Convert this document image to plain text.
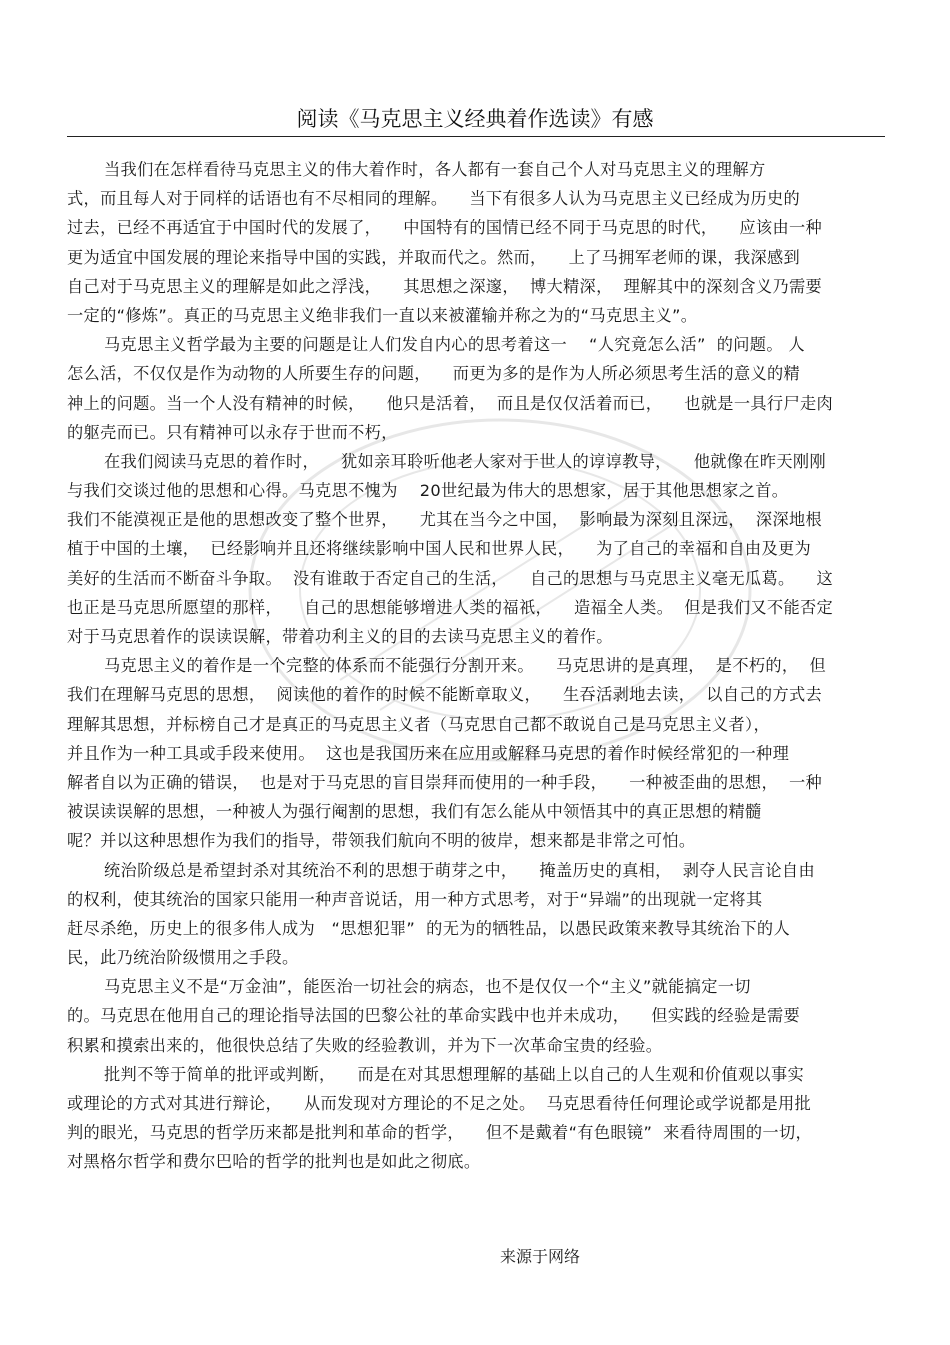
阅读《马克思主义经典着作选读》有感
当我们在怎样看待马克思主义的伟大着作时，各人都有一套自己个人对马克思主义的理解方
式，而且每人对于同样的话语也有不尽相同的理解。    当下有很多人认为马克思主义已经成为历史的
过去，已经不再适宜于中国时代的发展了，    中国特有的国情已经不同于马克思的时代，    应该由一种
更为适宜中国发展的理论来指导中国的实践，并取而代之。然而，    上了马拥军老师的课，我深感到
自己对于马克思主义的理解是如此之浮浅，    其思想之深邃，  博大精深，  理解其中的深刻含义乃需要
一定的“修炼”。真正的马克思主义绝非我们一直以来被灌输并称之为的“马克思主义”。
马克思主义哲学最为主要的问题是让人们发自内心的思考着这一    “人究竟怎么活”  的问题。 人
怎么活，不仅仅是作为动物的人所要生存的问题，    而更为多的是作为人所必须思考生活的意义的精
神上的问题。当一个人没有精神的时候，    他只是活着，  而且是仅仅活着而已，    也就是一具行尸走肉
的躯壳而已。只有精神可以永存于世而不朽，
在我们阅读马克思的着作时，    犹如亲耳聆听他老人家对于世人的谆谆教导，    他就像在昨天刚刚
与我们交谈过他的思想和心得。马克思不愧为    20世纪最为伟大的思想家，居于其他思想家之首。
我们不能漠视正是他的思想改变了整个世界，    尤其在当今之中国，  影响最为深刻且深远，  深深地根
植于中国的土壤，  已经影响并且还将继续影响中国人民和世界人民，    为了自己的幸福和自由及更为
美好的生活而不断奋斗争取。  没有谁敢于否定自己的生活，    自己的思想与马克思主义毫无瓜葛。    这
也正是马克思所愿望的那样，    自己的思想能够增进人类的福祇，    造福全人类。  但是我们又不能否定
对于马克思着作的误读误解，带着功利主义的目的去读马克思主义的着作。
马克思主义的着作是一个完整的体系而不能强行分割开来。    马克思讲的是真理，  是不朽的，  但
我们在理解马克思的思想，  阅读他的着作的时候不能断章取义，    生吞活剥地去读，  以自己的方式去
理解其思想，并标榜自己才是真正的马克思主义者（马克思自己都不敢说自己是马克思主义者），
并且作为一种工具或手段来使用。  这也是我国历来在应用或解释马克思的着作时候经常犯的一种理
解者自以为正确的错误，  也是对于马克思的盲目崇拜而使用的一种手段，    一种被歪曲的思想，  一种
被误读误解的思想，一种被人为强行阉割的思想，我们有怎么能从中领悟其中的真正思想的精髓
呢？并以这种思想作为我们的指导，带领我们航向不明的彼岸，想来都是非常之可怕。
统治阶级总是希望封杀对其统治不利的思想于萌芽之中，    掩盖历史的真相，  剥夺人民言论自由
的权利，使其统治的国家只能用一种声音说话，用一种方式思考，对于“异端”的出现就一定将其
赶尽杀绝，历史上的很多伟人成为   “思想犯罪”  的无为的牺牲品，以愚民政策来教导其统治下的人
民，此乃统治阶级惯用之手段。
马克思主义不是“万金油”，能医治一切社会的病态，也不是仅仅一个“主义”就能搞定一切
的。马克思在他用自己的理论指导法国的巴黎公社的革命实践中也并未成功，    但实践的经验是需要
积累和摸索出来的，他很快总结了失败的经验教训，并为下一次革命宝贵的经验。
批判不等于简单的批评或判断，    而是在对其思想理解的基础上以自己的人生观和价值观以事实
或理论的方式对其进行辩论，    从而发现对方理论的不足之处。  马克思看待任何理论或学说都是用批
判的眼光，马克思的哲学历来都是批判和革命的哲学，    但不是戴着“有色眼镜”  来看待周围的一切，
对黑格尔哲学和费尔巴哈的哲学的批判也是如此之彻底。
来源于网络
